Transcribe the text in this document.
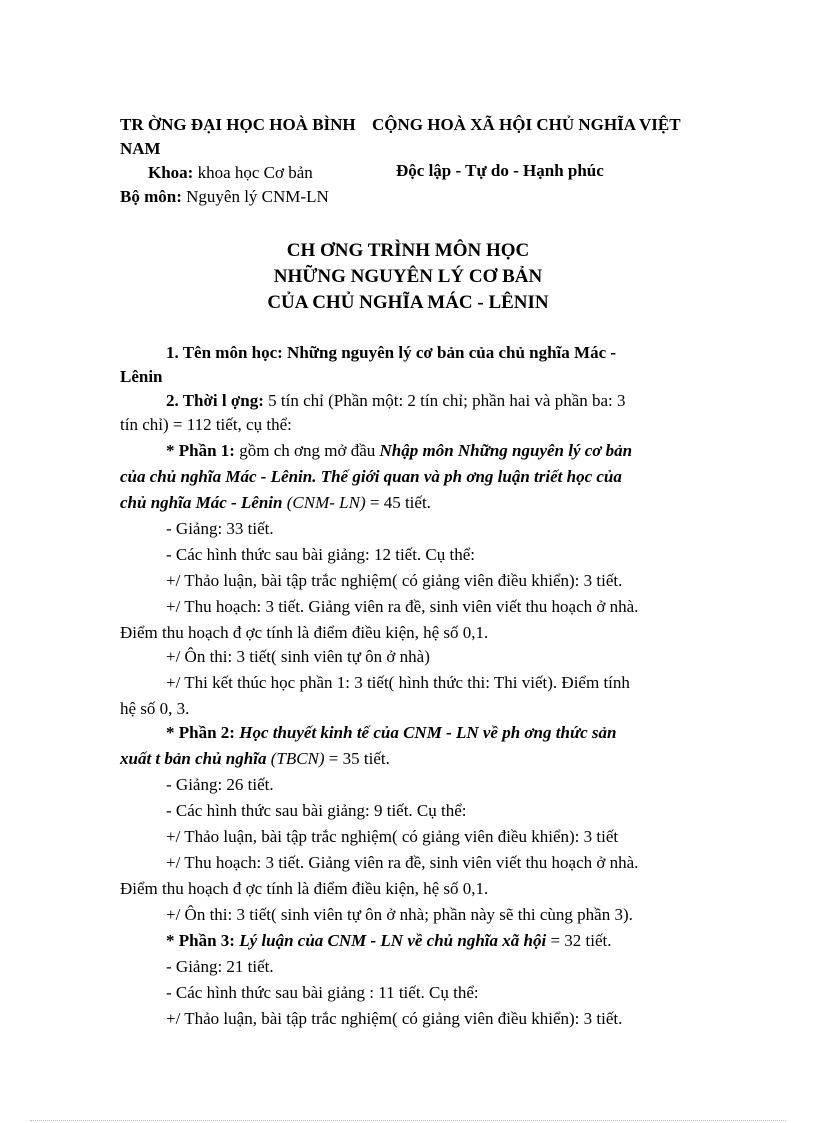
TR ỜNG ĐẠI HỌC HOÀ BÌNH CỘNG HOÀ XÃ HỘI CHỦ NGHĨA VIỆT
NAM
Khoa: khoa học Cơ bản	Độc lập - Tự do - Hạnh phúc
Bộ môn: Nguyên lý CNM-LN
CH ƠNG TRÌNH MÔN HỌC
NHỮNG NGUYÊN LÝ CƠ BẢN
CỦA CHỦ NGHĨA MÁC - LÊNIN
1. Tên môn học: Những nguyên lý cơ bản của chủ nghĩa Mác -
Lênin
2. Thời l ợng: 5 tín chỉ (Phần một: 2 tín chỉ; phần hai và phần ba: 3
tín chỉ) = 112 tiết, cụ thể:
* Phần 1: gồm ch ơng mở đầu Nhập môn Những nguyên lý cơ bản
của chủ nghĩa Mác - Lênin. Thế giới quan và ph ơng luận triết học của
chủ nghĩa Mác - Lênin (CNM- LN) = 45 tiết.
- Giảng: 33 tiết.
- Các hình thức sau bài giảng: 12 tiết. Cụ thể:
+/ Thảo luận, bài tập trắc nghiệm( có giảng viên điều khiển): 3 tiết.
+/ Thu hoạch: 3 tiết. Giảng viên ra đề, sinh viên viết thu hoạch ở nhà.
Điểm thu hoạch đ ợc tính là điểm điều kiện, hệ số 0,1.
+/ Ôn thi: 3 tiết( sinh viên tự ôn ở nhà)
+/ Thi kết thúc học phần 1: 3 tiết( hình thức thi: Thi viết). Điểm tính
hệ số 0, 3.
* Phần 2: Học thuyết kinh tế của CNM - LN về ph ơng thức sản
xuất t bản chủ nghĩa (TBCN) = 35 tiết.
- Giảng: 26 tiết.
- Các hình thức sau bài giảng: 9 tiết. Cụ thể:
+/ Thảo luận, bài tập trắc nghiệm( có giảng viên điều khiển): 3 tiết
+/ Thu hoạch: 3 tiết. Giảng viên ra đề, sinh viên viết thu hoạch ở nhà.
Điểm thu hoạch đ ợc tính là điểm điều kiện, hệ số 0,1.
+/ Ôn thi: 3 tiết( sinh viên tự ôn ở nhà; phần này sẽ thi cùng phần 3).
* Phần 3: Lý luận của CNM - LN về chủ nghĩa xã hội = 32 tiết.
- Giảng: 21 tiết.
- Các hình thức sau bài giảng : 11 tiết. Cụ thể:
+/ Thảo luận, bài tập trắc nghiệm( có giảng viên điều khiển): 3 tiết.
